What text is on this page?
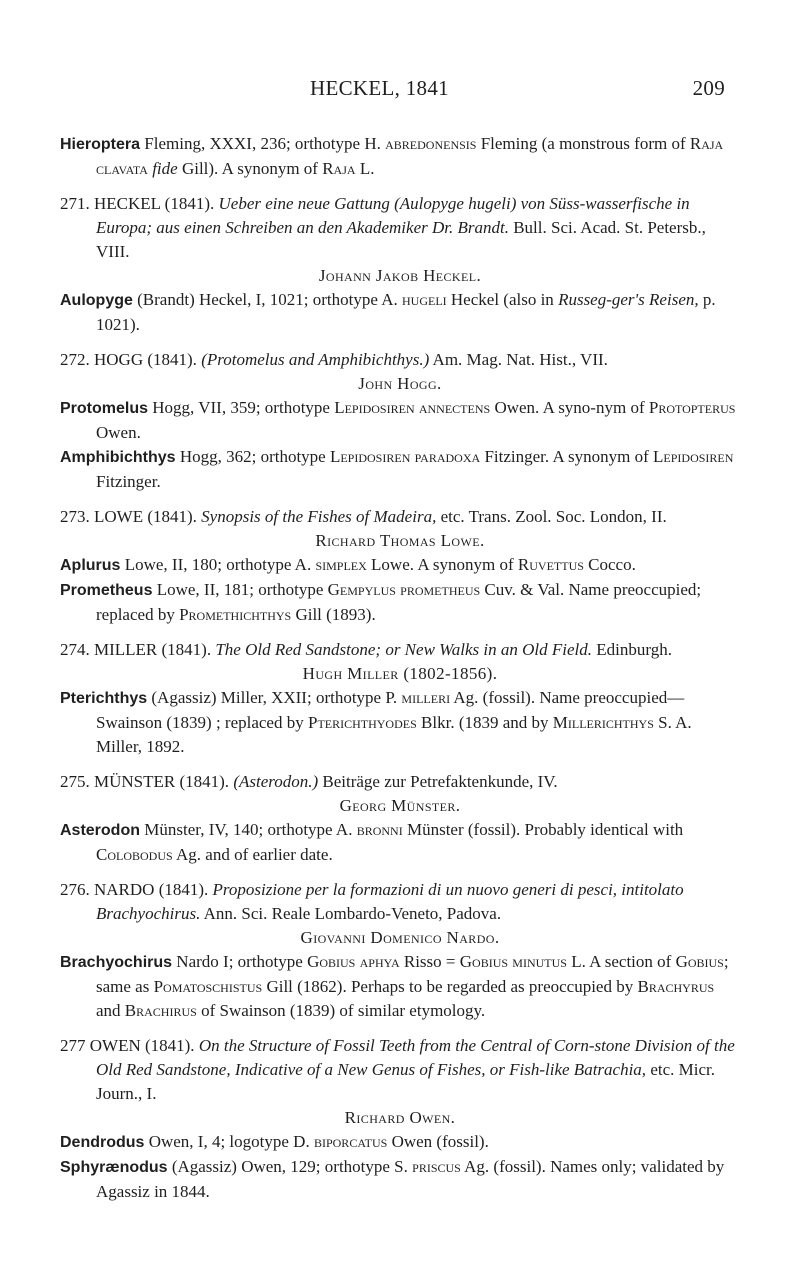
HECKEL, 1841	209

Hieroptera Fleming, XXXI, 236; orthotype H. abredonensis Fleming (a monstrous form of Raja clavata fide Gill). A synonym of Raja L.

271. HECKEL (1841). Ueber eine neue Gattung (Aulopyge hugeli) von Süss-wasserfische in Europa; aus einen Schreiben an den Akademiker Dr. Brandt. Bull. Sci. Acad. St. Petersb., VIII.

Johann Jakob Heckel.

Aulopyge (Brandt) Heckel, I, 1021; orthotype A. hugeli Heckel (also in Russeg-ger's Reisen, p. 1021).

272. HOGG (1841). (Protomelus and Amphibichthys.) Am. Mag. Nat. Hist., VII.

John Hogg.

Protomelus Hogg, VII, 359; orthotype Lepidosiren annectens Owen. A syno-nym of Protopterus Owen.

Amphibichthys Hogg, 362; orthotype Lepidosiren paradoxa Fitzinger. A synonym of Lepidosiren Fitzinger.

273. LOWE (1841). Synopsis of the Fishes of Madeira, etc. Trans. Zool. Soc. London, II.

Richard Thomas Lowe.

Aplurus Lowe, II, 180; orthotype A. simplex Lowe. A synonym of Ruvettus Cocco.

Prometheus Lowe, II, 181; orthotype Gempylus prometheus Cuv. & Val. Name preoccupied; replaced by Promethichthys Gill (1893).

274. MILLER (1841). The Old Red Sandstone; or New Walks in an Old Field. Edinburgh.

Hugh Miller (1802-1856).

Pterichthys (Agassiz) Miller, XXII; orthotype P. milleri Ag. (fossil). Name preoccupied—Swainson (1839) ; replaced by Pterichthyodes Blkr. (1839 and by Millerichthys S. A. Miller, 1892.

275. MÜNSTER (1841). (Asterodon.) Beiträge zur Petrefaktenkunde, IV.

Georg Münster.

Asterodon Münster, IV, 140; orthotype A. bronni Münster (fossil). Probably identical with Colobodus Ag. and of earlier date.

276. NARDO (1841). Proposizione per la formazioni di un nuovo generi di pesci, intitolato Brachyochirus. Ann. Sci. Reale Lombardo-Veneto, Padova.

Giovanni Domenico Nardo.

Brachyochirus Nardo I; orthotype Gobius aphya Risso = Gobius minutus L. A section of Gobius; same as Pomatoschistus Gill (1862). Perhaps to be regarded as preoccupied by Brachyrus and Brachirus of Swainson (1839) of similar etymology.

277 OWEN (1841). On the Structure of Fossil Teeth from the Central of Corn-stone Division of the Old Red Sandstone, Indicative of a New Genus of Fishes, or Fish-like Batrachia, etc. Micr. Journ., I.

Richard Owen.

Dendrodus Owen, I, 4; logotype D. biporcatus Owen (fossil).

Sphyrænodus (Agassiz) Owen, 129; orthotype S. priscus Ag. (fossil). Names only; validated by Agassiz in 1844.
